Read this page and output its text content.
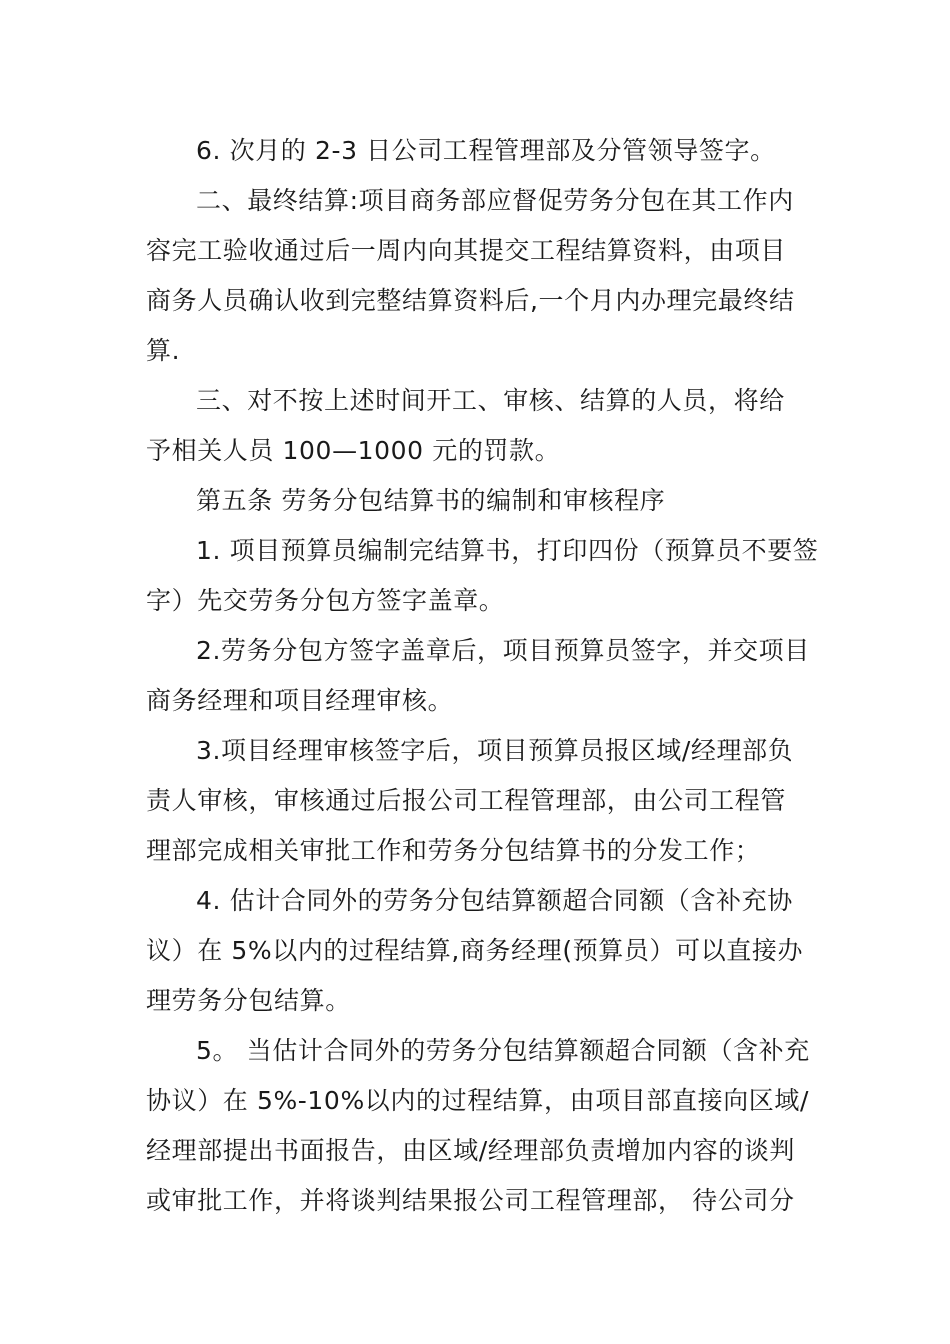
6. 次月的 2-3 日公司工程管理部及分管领导签字。
二、最终结算:项目商务部应督促劳务分包在其工作内
容完工验收通过后一周内向其提交工程结算资料，由项目
商务人员确认收到完整结算资料后,一个月内办理完最终结
算.
三、对不按上述时间开工、审核、结算的人员，将给
予相关人员 100—1000 元的罚款。
第五条 劳务分包结算书的编制和审核程序
1. 项目预算员编制完结算书，打印四份（预算员不要签
字）先交劳务分包方签字盖章。
2.劳务分包方签字盖章后，项目预算员签字，并交项目
商务经理和项目经理审核。
3.项目经理审核签字后，项目预算员报区域/经理部负
责人审核，审核通过后报公司工程管理部，由公司工程管
理部完成相关审批工作和劳务分包结算书的分发工作；
4. 估计合同外的劳务分包结算额超合同额（含补充协
议）在 5%以内的过程结算,商务经理(预算员）可以直接办
理劳务分包结算。
5。 当估计合同外的劳务分包结算额超合同额（含补充
协议）在 5%-10%以内的过程结算，由项目部直接向区域/
经理部提出书面报告，由区域/经理部负责增加内容的谈判
或审批工作，并将谈判结果报公司工程管理部， 待公司分
